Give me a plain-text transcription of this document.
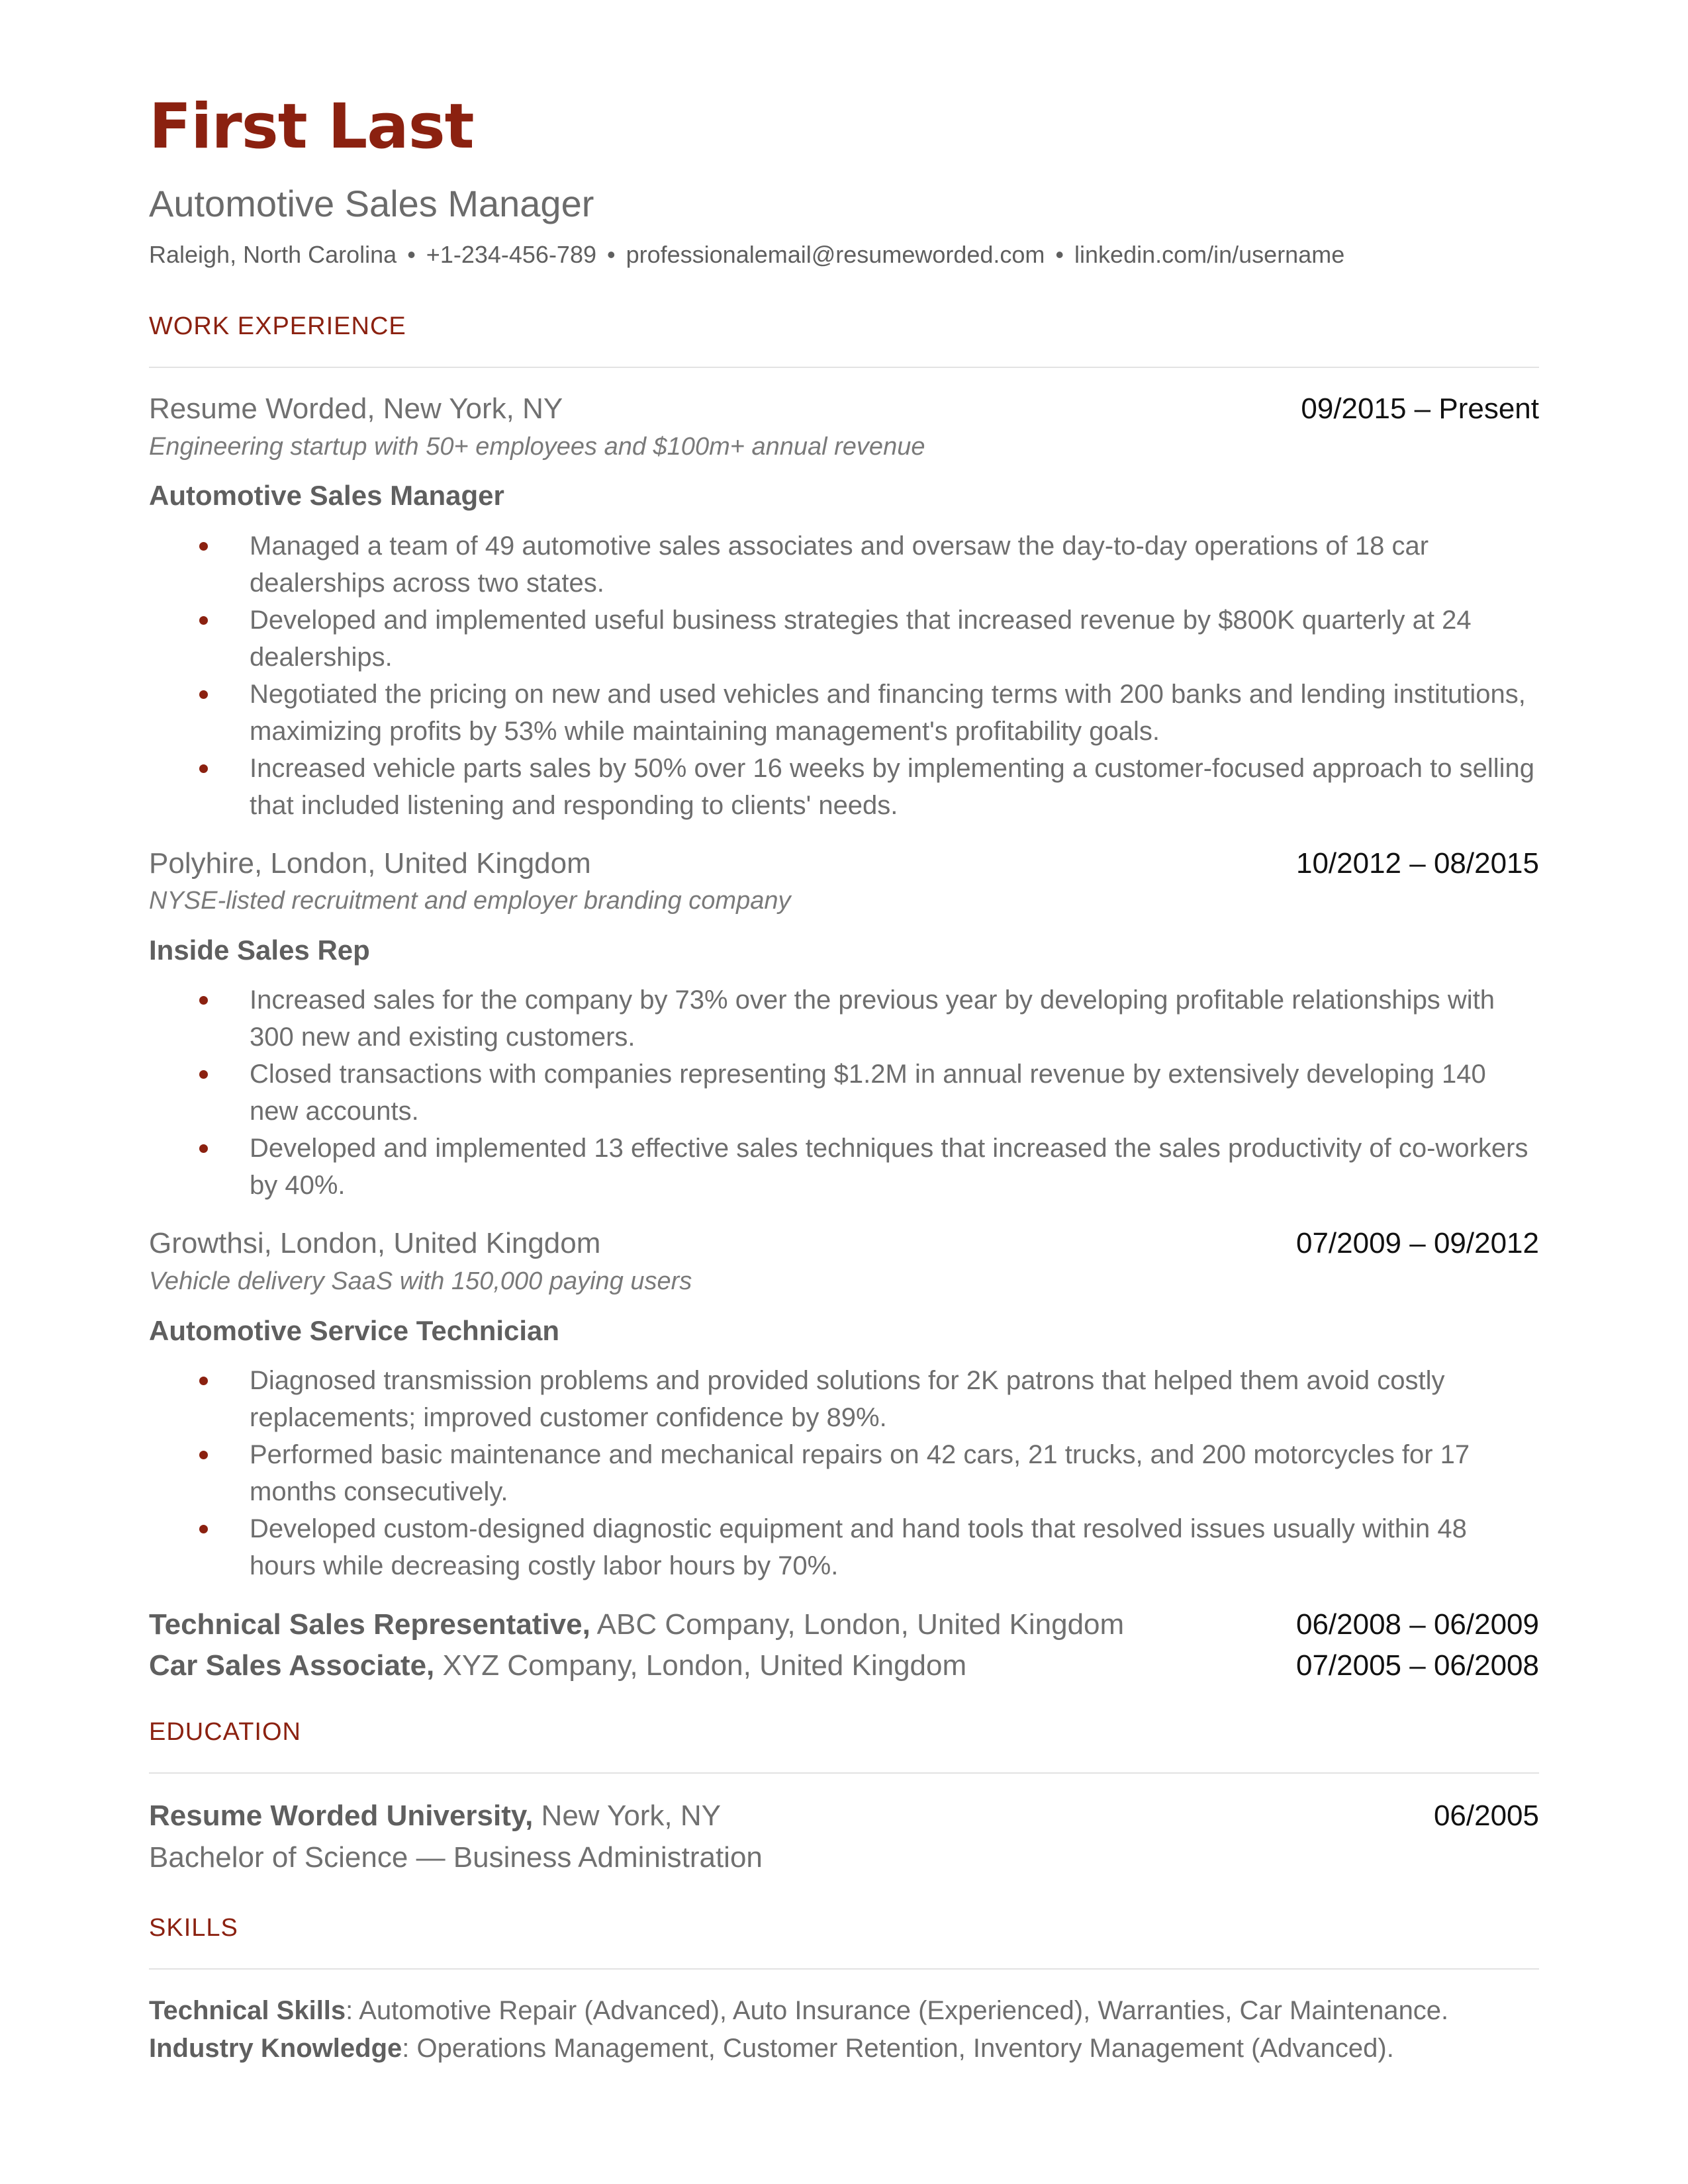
First Last
Automotive Sales Manager
Raleigh, North Carolina • +1-234-456-789 • professionalemail@resumeworded.com • linkedin.com/in/username
WORK EXPERIENCE
Resume Worded, New York, NY	09/2015 – Present
Engineering startup with 50+ employees and $100m+ annual revenue
Automotive Sales Manager
Managed a team of 49 automotive sales associates and oversaw the day-to-day operations of 18 car dealerships across two states.
Developed and implemented useful business strategies that increased revenue by $800K quarterly at 24 dealerships.
Negotiated the pricing on new and used vehicles and financing terms with 200 banks and lending institutions, maximizing profits by 53% while maintaining management's profitability goals.
Increased vehicle parts sales by 50% over 16 weeks by implementing a customer-focused approach to selling that included listening and responding to clients' needs.
Polyhire, London, United Kingdom	10/2012 – 08/2015
NYSE-listed recruitment and employer branding company
Inside Sales Rep
Increased sales for the company by 73% over the previous year by developing profitable relationships with 300 new and existing customers.
Closed transactions with companies representing $1.2M in annual revenue by extensively developing 140 new accounts.
Developed and implemented 13 effective sales techniques that increased the sales productivity of co-workers by 40%.
Growthsi, London, United Kingdom	07/2009 – 09/2012
Vehicle delivery SaaS with 150,000 paying users
Automotive Service Technician
Diagnosed transmission problems and provided solutions for 2K patrons that helped them avoid costly replacements; improved customer confidence by 89%.
Performed basic maintenance and mechanical repairs on 42 cars, 21 trucks, and 200 motorcycles for 17 months consecutively.
Developed custom-designed diagnostic equipment and hand tools that resolved issues usually within 48 hours while decreasing costly labor hours by 70%.
Technical Sales Representative, ABC Company, London, United Kingdom	06/2008 – 06/2009
Car Sales Associate, XYZ Company, London, United Kingdom	07/2005 – 06/2008
EDUCATION
Resume Worded University, New York, NY	06/2005
Bachelor of Science — Business Administration
SKILLS
Technical Skills: Automotive Repair (Advanced), Auto Insurance (Experienced), Warranties, Car Maintenance.
Industry Knowledge: Operations Management, Customer Retention, Inventory Management (Advanced).
